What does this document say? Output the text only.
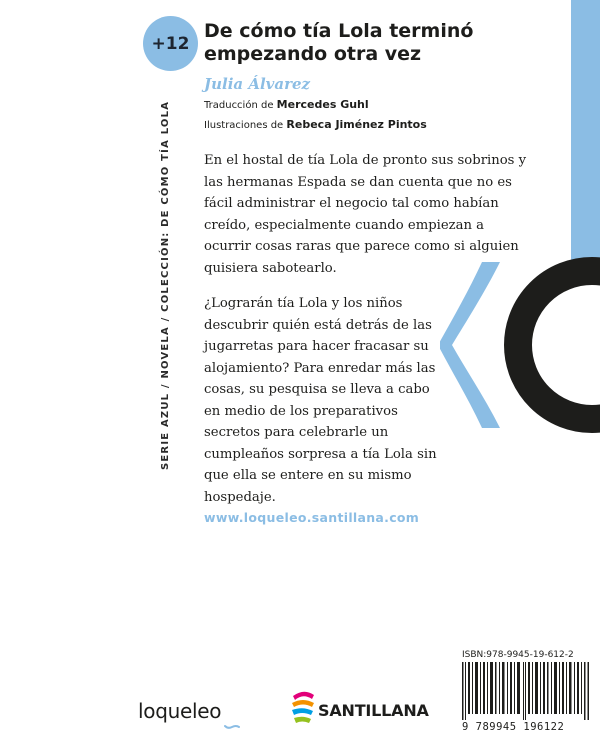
+12
SERIE AZUL / NOVELA / COLECCIÓN: DE CÓMO TÍA LOLA
De cómo tía Lola terminó empezando otra vez
Julia Álvarez
Traducción de Mercedes Guhl
Ilustraciones de Rebeca Jiménez Pintos

En el hostal de tía Lola de pronto sus sobrinos y las hermanas Espada se dan cuenta que no es fácil administrar el negocio tal como habían creído, especialmente cuando empiezan a ocurrir cosas raras que parece como si alguien quisiera sabotearlo.

¿Lograrán tía Lola y los niños descubrir quién está detrás de las jugarretas para hacer fracasar su alojamiento? Para enredar más las cosas, su pesquisa se lleva a cabo en medio de los preparativos secretos para celebrarle un cumpleaños sorpresa a tía Lola sin que ella se entere en su mismo hospedaje.

www.loqueleo.santillana.com
ISBN:978-9945-19-612-2
9 789945 196122
loqueleo	SANTILLANA
